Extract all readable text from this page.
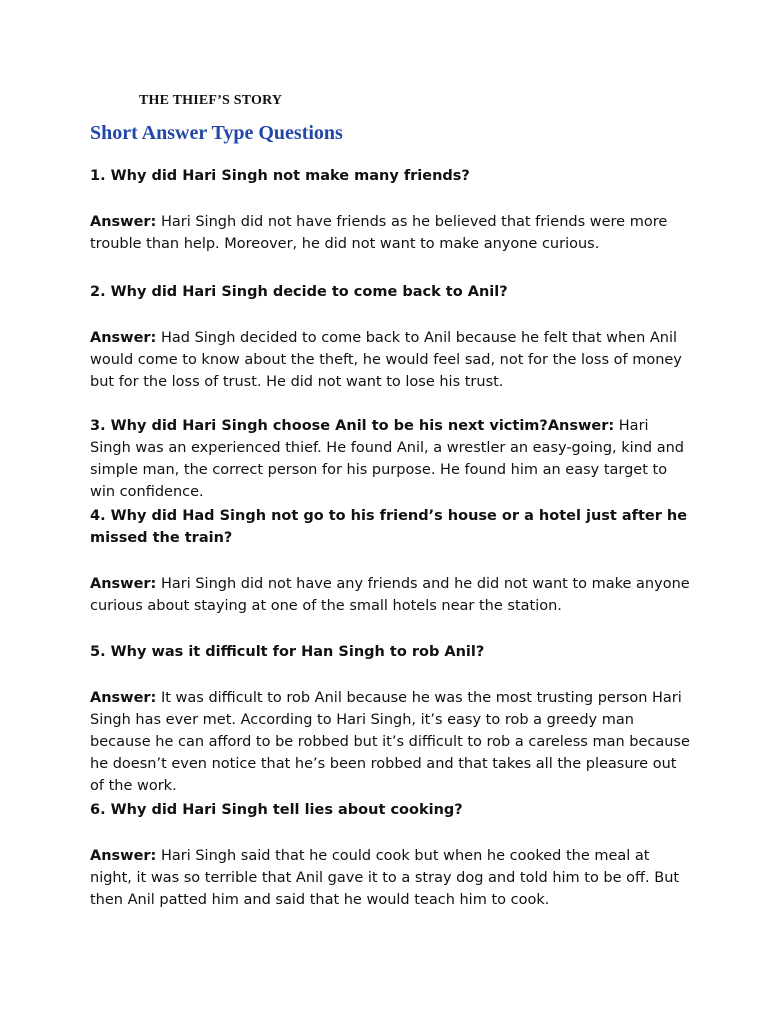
THE THIEF’S STORY
Short Answer Type Questions

1. Why did Hari Singh not make many friends?

Answer: Hari Singh did not have friends as he believed that friends were more trouble than help. Moreover, he did not want to make anyone curious.

2. Why did Hari Singh decide to come back to Anil?

Answer: Had Singh decided to come back to Anil because he felt that when Anil would come to know about the theft, he would feel sad, not for the loss of money but for the loss of trust. He did not want to lose his trust.

3. Why did Hari Singh choose Anil to be his next victim?Answer: Hari Singh was an experienced thief. He found Anil, a wrestler an easy-going, kind and simple man, the correct person for his purpose. He found him an easy target to win confidence.

4. Why did Had Singh not go to his friend’s house or a hotel just after he missed the train?

Answer: Hari Singh did not have any friends and he did not want to make anyone curious about staying at one of the small hotels near the station.

5. Why was it difficult for Han Singh to rob Anil?

Answer: It was difficult to rob Anil because he was the most trusting person Hari Singh has ever met. According to Hari Singh, it’s easy to rob a greedy man because he can afford to be robbed but it’s difficult to rob a careless man because he doesn’t even notice that he’s been robbed and that takes all the pleasure out of the work.

6. Why did Hari Singh tell lies about cooking?

Answer: Hari Singh said that he could cook but when he cooked the meal at night, it was so terrible that Anil gave it to a stray dog and told him to be off. But then Anil patted him and said that he would teach him to cook.
